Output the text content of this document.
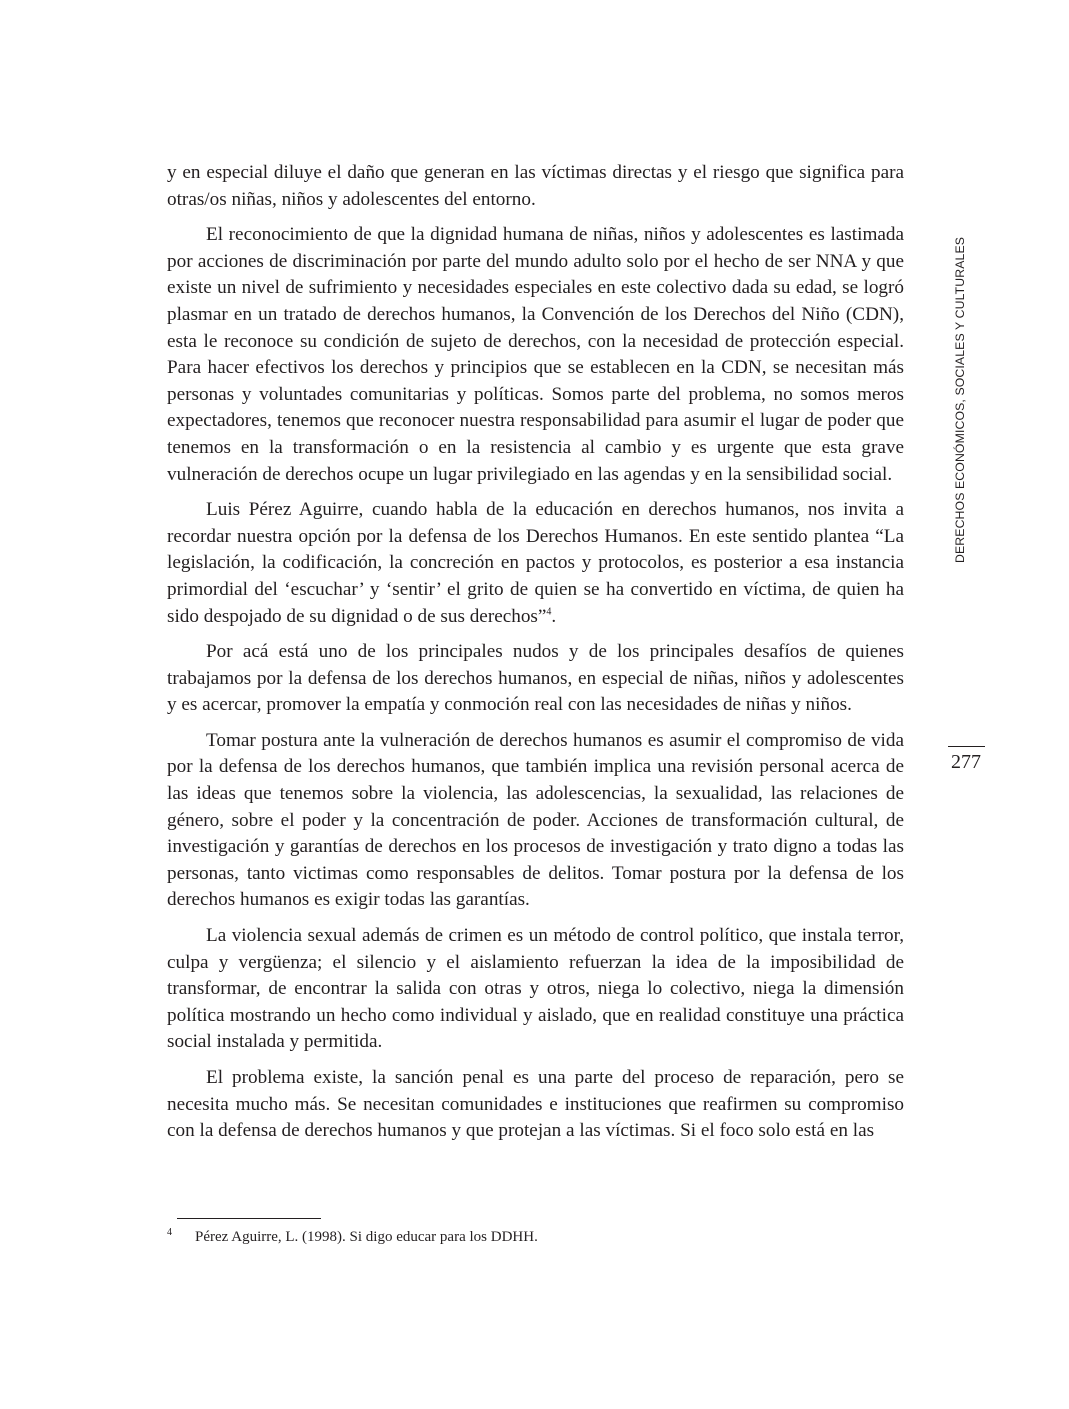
y en especial diluye el daño que generan en las víctimas directas y el riesgo que significa para otras/os niñas, niños y adolescentes del entorno.

El reconocimiento de que la dignidad humana de niñas, niños y adolescentes es lastimada por acciones de discriminación por parte del mundo adulto solo por el hecho de ser NNA y que existe un nivel de sufrimiento y necesidades especiales en este colectivo dada su edad, se logró plasmar en un tratado de derechos humanos, la Convención de los Derechos del Niño (CDN), esta le reconoce su condición de sujeto de derechos, con la necesidad de protección especial. Para hacer efectivos los derechos y principios que se establecen en la CDN, se necesitan más personas y voluntades comunitarias y políticas. Somos parte del problema, no somos meros expectadores, tenemos que reconocer nuestra responsabilidad para asumir el lugar de poder que tenemos en la transformación o en la resistencia al cambio y es urgente que esta grave vulneración de derechos ocupe un lugar privilegiado en las agendas y en la sensibilidad social.

Luis Pérez Aguirre, cuando habla de la educación en derechos humanos, nos invita a recordar nuestra opción por la defensa de los Derechos Humanos. En este sentido plantea “La legislación, la codificación, la concreción en pactos y protocolos, es posterior a esa instancia primordial del ‘escuchar’ y ‘sentir’ el grito de quien se ha convertido en víctima, de quien ha sido despojado de su dignidad o de sus derechos”$^4$.

Por acá está uno de los principales nudos y de los principales desafíos de quienes trabajamos por la defensa de los derechos humanos, en especial de niñas, niños y adolescentes y es acercar, promover la empatía y conmoción real con las necesidades de niñas y niños.

Tomar postura ante la vulneración de derechos humanos es asumir el compromiso de vida por la defensa de los derechos humanos, que también implica una revisión personal acerca de las ideas que tenemos sobre la violencia, las adolescencias, la sexualidad, las relaciones de género, sobre el poder y la concentración de poder. Acciones de transformación cultural, de investigación y garantías de derechos en los procesos de investigación y trato digno a todas las personas, tanto victimas como responsables de delitos. Tomar postura por la defensa de los derechos humanos es exigir todas las garantías.

La violencia sexual además de crimen es un método de control político, que instala terror, culpa y vergüenza; el silencio y el aislamiento refuerzan la idea de la imposibilidad de transformar, de encontrar la salida con otras y otros, niega lo colectivo, niega la dimensión política mostrando un hecho como individual y aislado, que en realidad constituye una práctica social instalada y permitida.

El problema existe, la sanción penal es una parte del proceso de reparación, pero se necesita mucho más. Se necesitan comunidades e instituciones que reafirmen su compromiso con la defensa de derechos humanos y que protejan a las víctimas. Si el foco solo está en las

DERECHOS ECONÓMICOS, SOCIALES Y CULTURALES
277
4 Pérez Aguirre, L. (1998). Si digo educar para los DDHH.
